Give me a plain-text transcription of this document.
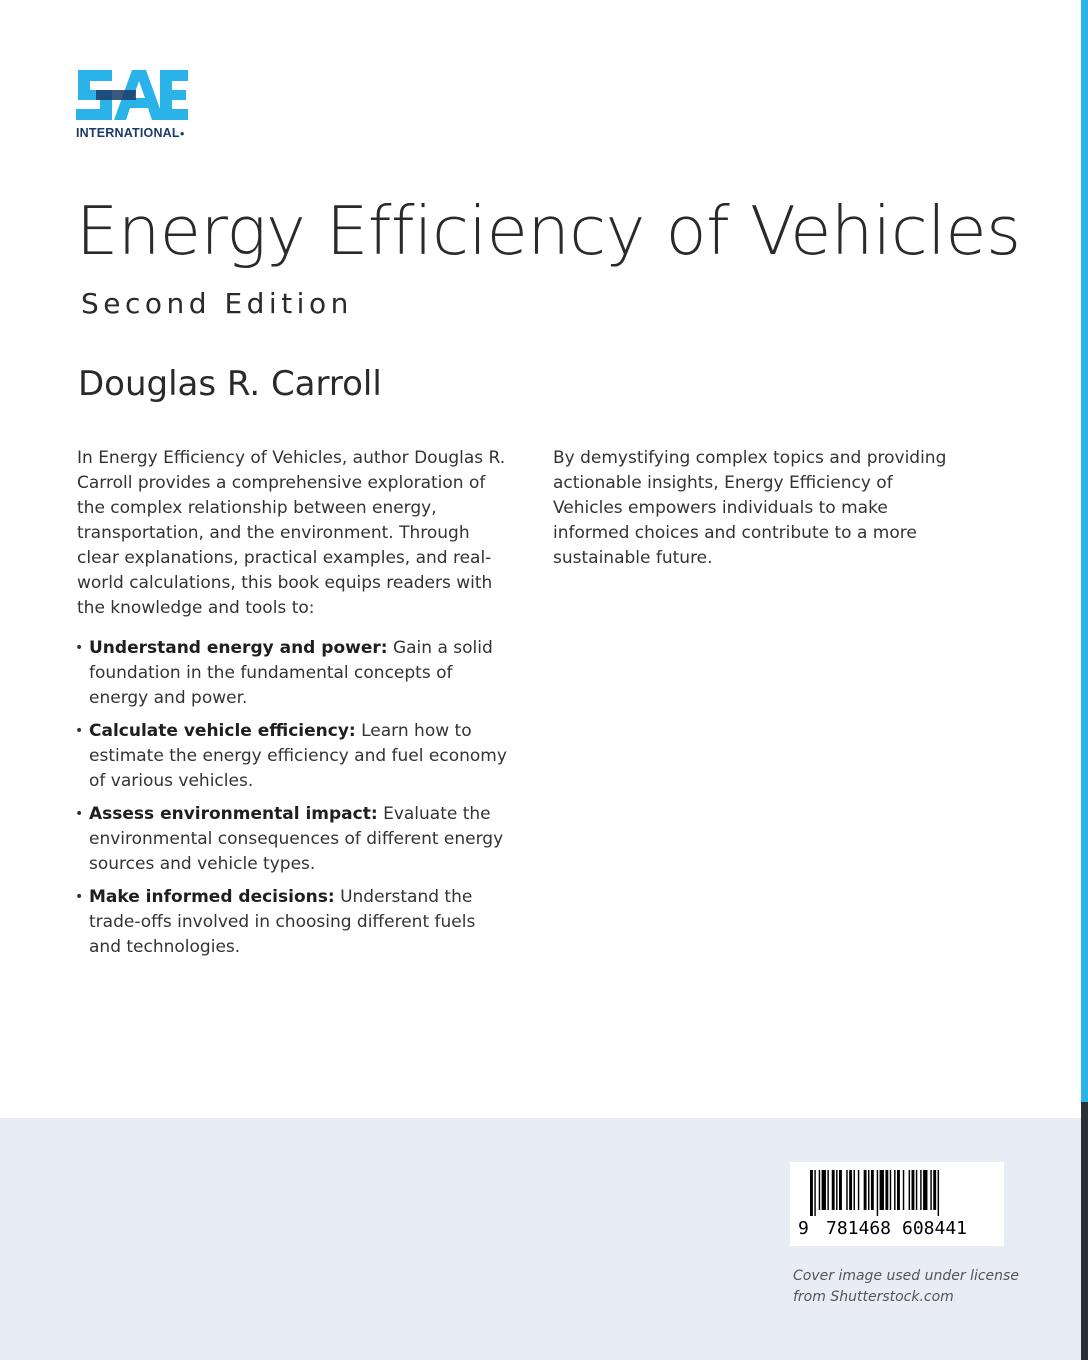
INTERNATIONAL●
Energy Efficiency of Vehicles
Second Edition
Douglas R. Carroll

In Energy Efficiency of Vehicles, author Douglas R. Carroll provides a comprehensive exploration of the complex relationship between energy, transportation, and the environment. Through clear explanations, practical examples, and real-world calculations, this book equips readers with the knowledge and tools to:

• Understand energy and power: Gain a solid foundation in the fundamental concepts of energy and power.
• Calculate vehicle efficiency: Learn how to estimate the energy efficiency and fuel economy of various vehicles.
• Assess environmental impact: Evaluate the environmental consequences of different energy sources and vehicle types.
• Make informed decisions: Understand the trade-offs involved in choosing different fuels and technologies.

By demystifying complex topics and providing actionable insights, Energy Efficiency of Vehicles empowers individuals to make informed choices and contribute to a more sustainable future.

9 781468 608441
Cover image used under license
from Shutterstock.com
